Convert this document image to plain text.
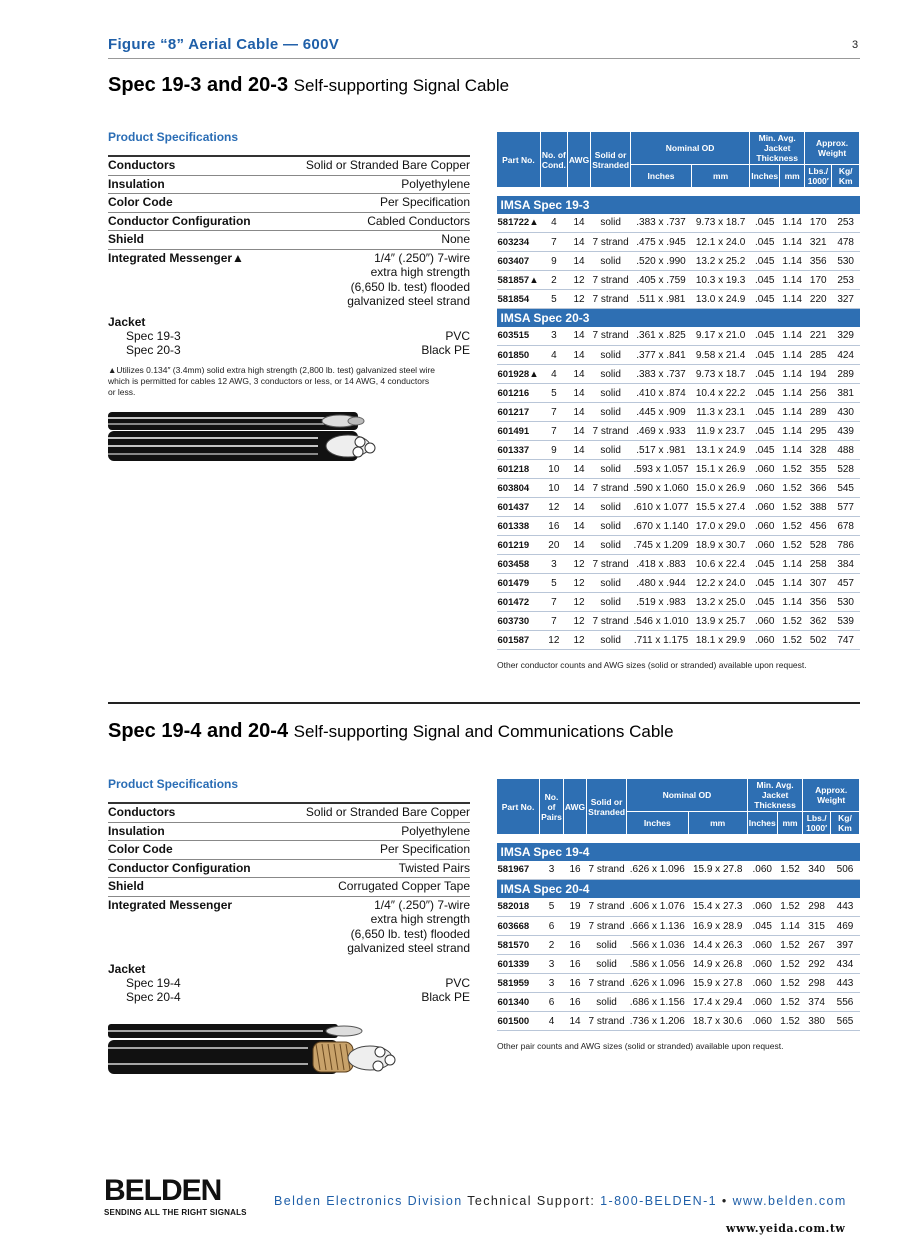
Figure “8” Aerial Cable — 600V	3
Spec 19-3 and 20-3 Self-supporting Signal Cable
Product Specifications
Conductors	Solid or Stranded Bare Copper
Insulation	Polyethylene
Color Code	Per Specification
Conductor Configuration	Cabled Conductors
Shield	None
Integrated Messenger▲	1/4″ (.250″) 7-wire
extra high strength
(6,650 lb. test) flooded
galvanized steel strand
Jacket
Spec 19-3	PVC
Spec 20-3	Black PE
▲Utilizes 0.134″ (3.4mm) solid extra high strength (2,800 lb. test) galvanized steel wire which is permitted for cables 12 AWG, 3 conductors or less, or 14 AWG, 4 conductors or less.
Part No.	No. of Cond.	AWG	Solid or Stranded	Nominal OD		Min. Avg. Jacket Thickness		Approx. Weight	
				Inches	mm	Inches	mm	Lbs./ 1000′	Kg/ Km

IMSA Spec 19-3									
581722▲	4	14	solid	.383 x .737	9.73 x 18.7	.045	1.14	170	253
603234	7	14	7 strand	.475 x .945	12.1 x 24.0	.045	1.14	321	478
603407	9	14	solid	.520 x .990	13.2 x 25.2	.045	1.14	356	530
581857▲	2	12	7 strand	.405 x .759	10.3 x 19.3	.045	1.14	170	253
581854	5	12	7 strand	.511 x .981	13.0 x 24.9	.045	1.14	220	327
IMSA Spec 20-3									
603515	3	14	7 strand	.361 x .825	9.17 x 21.0	.045	1.14	221	329
601850	4	14	solid	.377 x .841	9.58 x 21.4	.045	1.14	285	424
601928▲	4	14	solid	.383 x .737	9.73 x 18.7	.045	1.14	194	289
601216	5	14	solid	.410 x .874	10.4 x 22.2	.045	1.14	256	381
601217	7	14	solid	.445 x .909	11.3 x 23.1	.045	1.14	289	430
601491	7	14	7 strand	.469 x .933	11.9 x 23.7	.045	1.14	295	439
601337	9	14	solid	.517 x .981	13.1 x 24.9	.045	1.14	328	488
601218	10	14	solid	.593 x 1.057	15.1 x 26.9	.060	1.52	355	528
603804	10	14	7 strand	.590 x 1.060	15.0 x 26.9	.060	1.52	366	545
601437	12	14	solid	.610 x 1.077	15.5 x 27.4	.060	1.52	388	577
601338	16	14	solid	.670 x 1.140	17.0 x 29.0	.060	1.52	456	678
601219	20	14	solid	.745 x 1.209	18.9 x 30.7	.060	1.52	528	786
603458	3	12	7 strand	.418 x .883	10.6 x 22.4	.045	1.14	258	384
601479	5	12	solid	.480 x .944	12.2 x 24.0	.045	1.14	307	457
601472	7	12	solid	.519 x .983	13.2 x 25.0	.045	1.14	356	530
603730	7	12	7 strand	.546 x 1.010	13.9 x 25.7	.060	1.52	362	539
601587	12	12	solid	.711 x 1.175	18.1 x 29.9	.060	1.52	502	747
Other conductor counts and AWG sizes (solid or stranded) available upon request.
Spec 19-4 and 20-4 Self-supporting Signal and Communications Cable
Product Specifications
Conductors	Solid or Stranded Bare Copper
Insulation	Polyethylene
Color Code	Per Specification
Conductor Configuration	Twisted Pairs
Shield	Corrugated Copper Tape
Integrated Messenger	1/4″ (.250″) 7-wire
extra high strength
(6,650 lb. test) flooded
galvanized steel strand
Jacket
Spec 19-4	PVC
Spec 20-4	Black PE
Part No.	No. of Pairs	AWG	Solid or Stranded	Nominal OD		Min. Avg. Jacket Thickness		Approx. Weight	
				Inches	mm	Inches	mm	Lbs./ 1000′	Kg/ Km

IMSA Spec 19-4									
581967	3	16	7 strand	.626 x 1.096	15.9 x 27.8	.060	1.52	340	506
IMSA Spec 20-4									
582018	5	19	7 strand	.606 x 1.076	15.4 x 27.3	.060	1.52	298	443
603668	6	19	7 strand	.666 x 1.136	16.9 x 28.9	.045	1.14	315	469
581570	2	16	solid	.566 x 1.036	14.4 x 26.3	.060	1.52	267	397
601339	3	16	solid	.586 x 1.056	14.9 x 26.8	.060	1.52	292	434
581959	3	16	7 strand	.626 x 1.096	15.9 x 27.8	.060	1.52	298	443
601340	6	16	solid	.686 x 1.156	17.4 x 29.4	.060	1.52	374	556
601500	4	14	7 strand	.736 x 1.206	18.7 x 30.6	.060	1.52	380	565
Other pair counts and AWG sizes (solid or stranded) available upon request.
BELDEN
SENDING ALL THE RIGHT SIGNALS
Belden Electronics Division Technical Support: 1-800-BELDEN-1 • www.belden.com
www.yeida.com.tw
